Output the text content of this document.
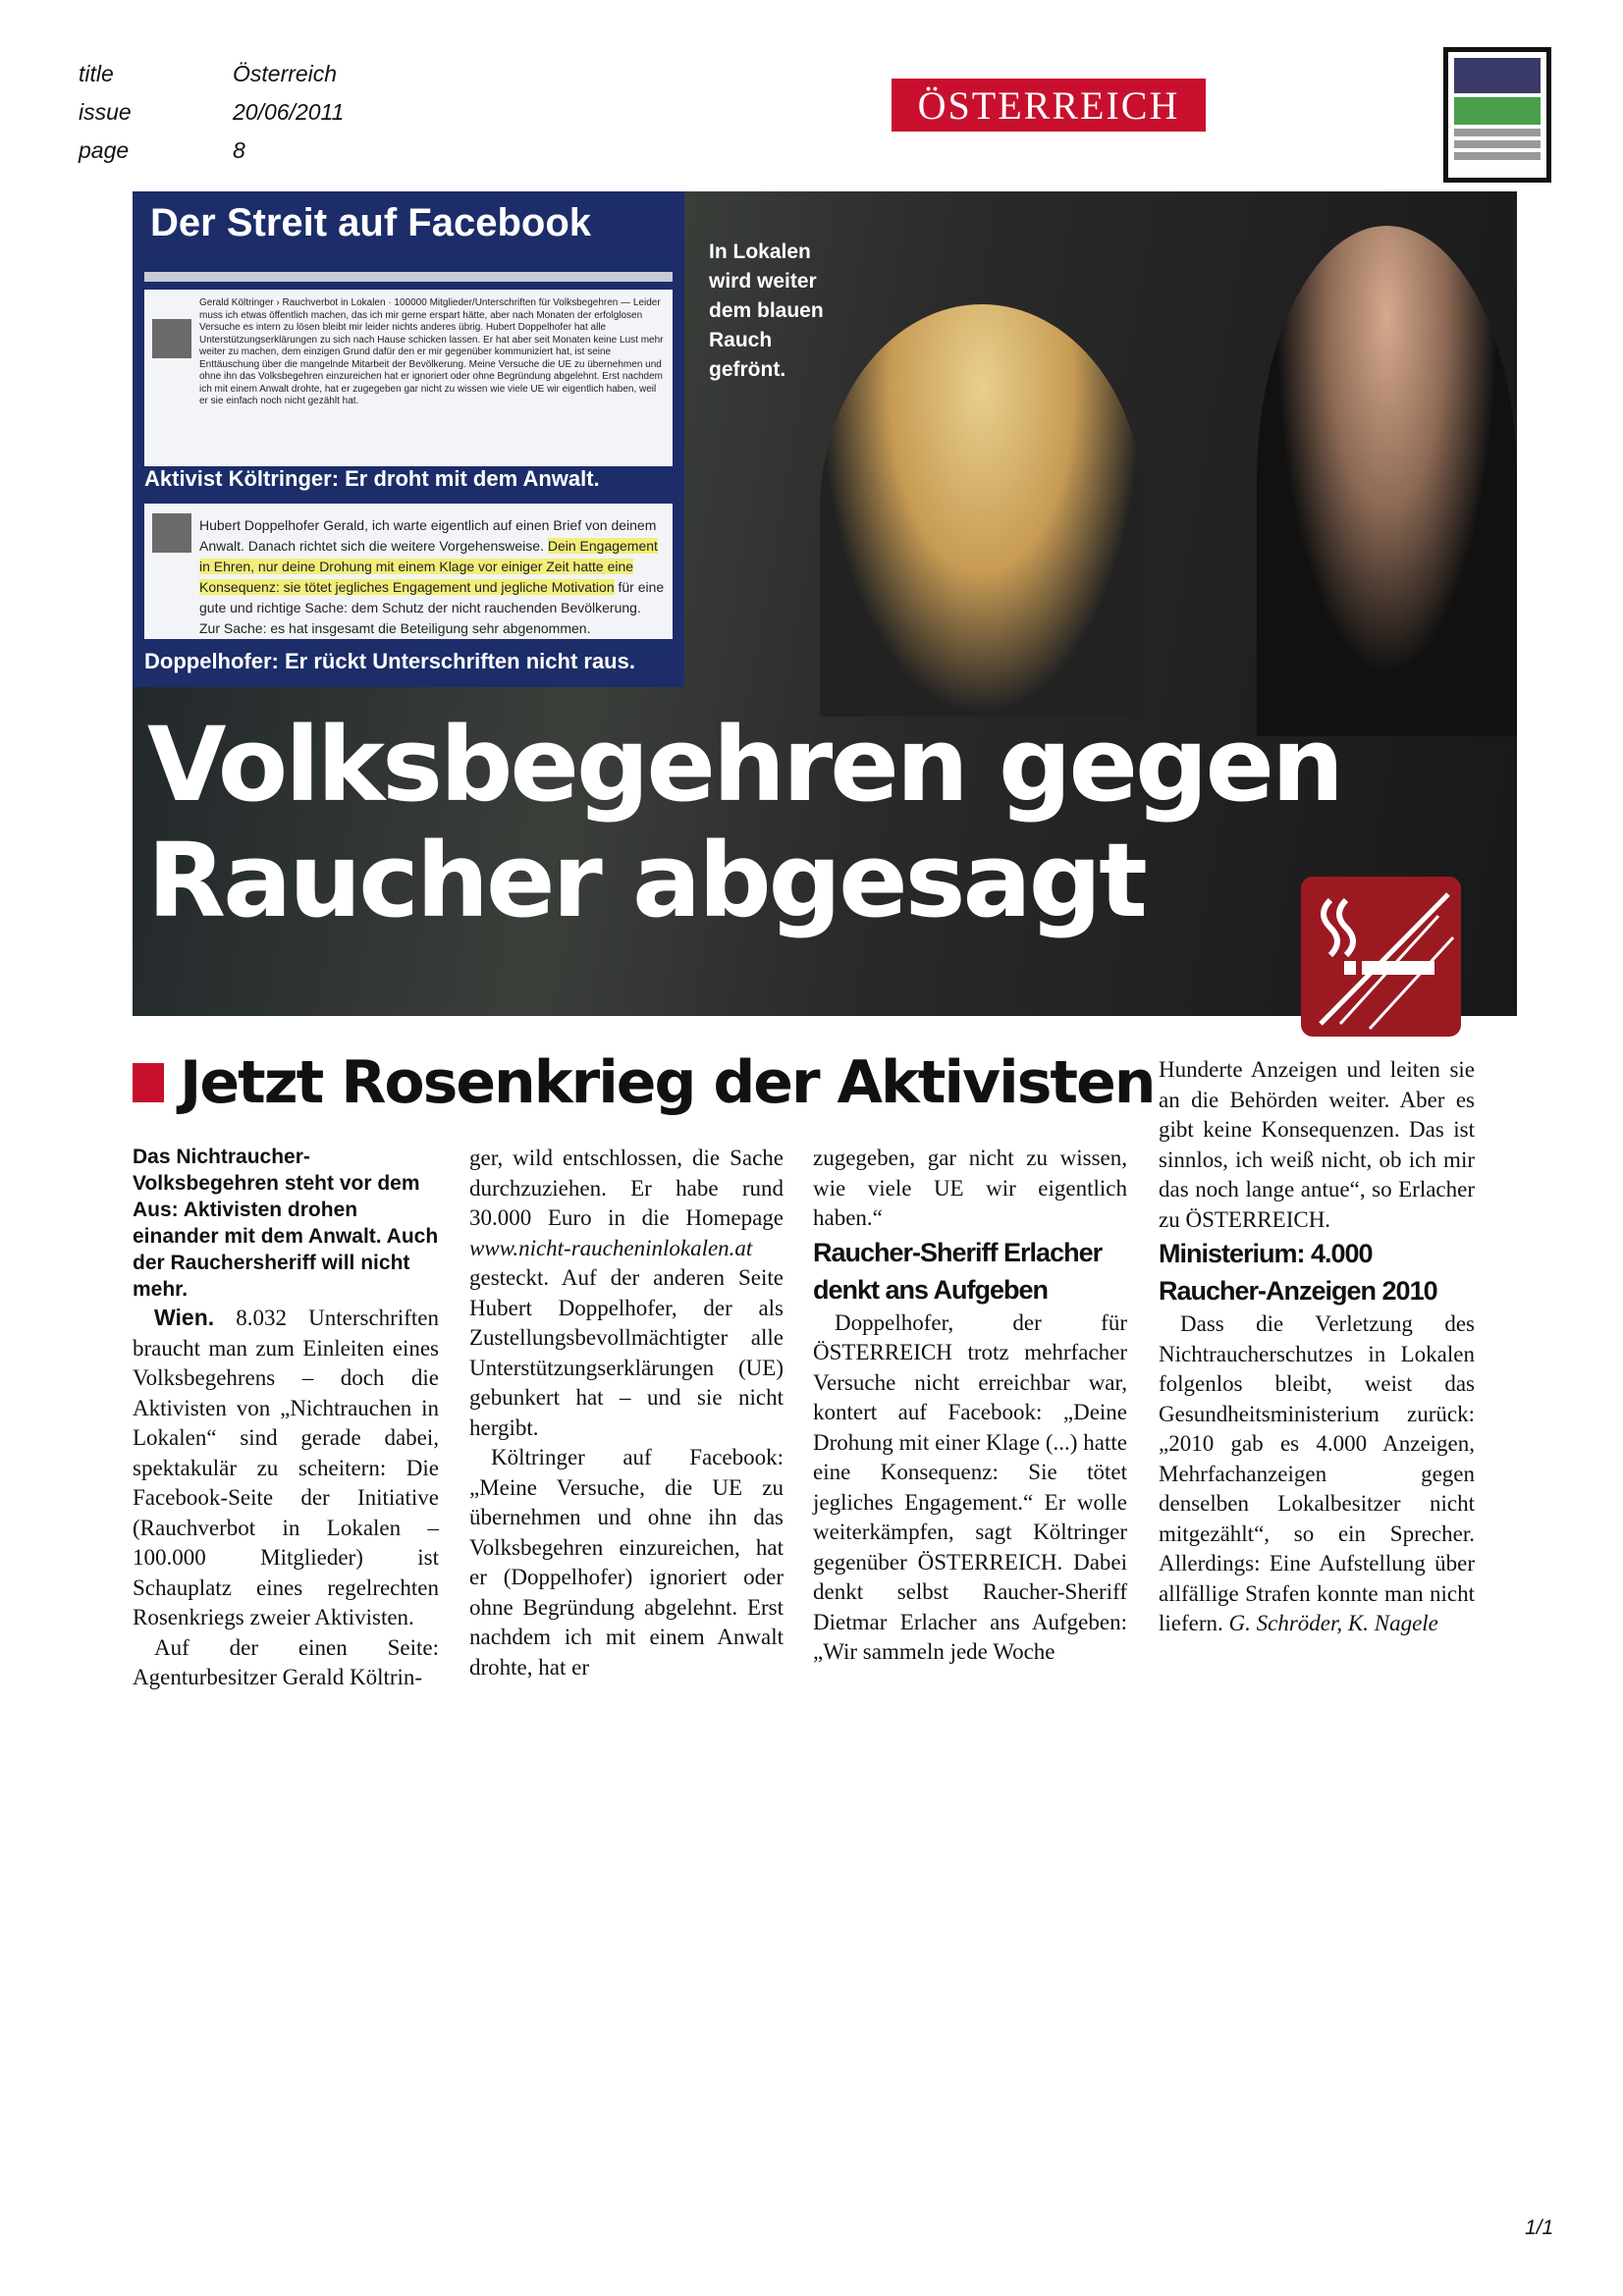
title	Österreich
issue	20/06/2011
page	8
ÖSTERREICH
Der Streit auf Facebook
Gerald Költringer › Rauchverbot in Lokalen · 100000 Mitglieder/Unterschriften für Volksbegehren — Leider muss ich etwas öffentlich machen, das ich mir gerne erspart hätte, aber nach Monaten der erfolglosen Versuche es intern zu lösen bleibt mir leider nichts anderes übrig. Hubert Doppelhofer hat alle Unterstützungserklärungen zu sich nach Hause schicken lassen. Er hat aber seit Monaten keine Lust mehr weiter zu machen, dem einzigen Grund dafür den er mir gegenüber kommuniziert hat, ist seine Enttäuschung über die mangelnde Mitarbeit der Bevölkerung. Meine Versuche die UE zu übernehmen und ohne ihn das Volksbegehren einzureichen hat er ignoriert oder ohne Begründung abgelehnt. Erst nachdem ich mit einem Anwalt drohte, hat er zugegeben gar nicht zu wissen wie viele UE wir eigentlich haben, weil er sie einfach noch nicht gezählt hat.
Aktivist Költringer: Er droht mit dem Anwalt.
Hubert Doppelhofer Gerald, ich warte eigentlich auf einen Brief von deinem Anwalt. Danach richtet sich die weitere Vorgehensweise. Dein Engagement in Ehren, nur deine Drohung mit einem Klage vor einiger Zeit hatte eine Konsequenz: sie tötet jegliches Engagement und jegliche Motivation für eine gute und richtige Sache: dem Schutz der nicht rauchenden Bevölkerung. Zur Sache: es hat insgesamt die Beteiligung sehr abgenommen.
Doppelhofer: Er rückt Unterschriften nicht raus.
In Lokalen wird weiter dem blauen Rauch gefrönt.
Volksbegehren gegen
Raucher abgesagt
Jetzt Rosenkrieg der Aktivisten

Das Nichtraucher-Volksbegehren steht vor dem Aus: Aktivisten drohen einander mit dem Anwalt. Auch der Rauchersheriff will nicht mehr.

Wien. 8.032 Unterschriften braucht man zum Einleiten eines Volksbegehrens – doch die Aktivisten von „Nichtrauchen in Lokalen“ sind gerade dabei, spektakulär zu scheitern: Die Facebook-Seite der Initiative (Rauchverbot in Lokalen – 100.000 Mitglieder) ist Schauplatz eines regelrechten Rosenkriegs zweier Aktivisten.

Auf der einen Seite: Agenturbesitzer Gerald Költrin-

ger, wild entschlossen, die Sache durchzuziehen. Er habe rund 30.000 Euro in die Homepage www.nicht-raucheninlokalen.at gesteckt. Auf der anderen Seite Hubert Doppelhofer, der als Zustellungsbevollmächtigter alle Unterstützungserklärungen (UE) gebunkert hat – und sie nicht hergibt.

Költringer auf Facebook: „Meine Versuche, die UE zu übernehmen und ohne ihn das Volksbegehren einzureichen, hat er (Doppelhofer) ignoriert oder ohne Begründung abgelehnt. Erst nachdem ich mit einem Anwalt drohte, hat er

zugegeben, gar nicht zu wissen, wie viele UE wir eigentlich haben.“

Raucher-Sheriff Erlacher denkt ans Aufgeben

Doppelhofer, der für ÖSTERREICH trotz mehrfacher Versuche nicht erreichbar war, kontert auf Facebook: „Deine Drohung mit einer Klage (...) hatte eine Konsequenz: Sie tötet jegliches Engagement.“ Er wolle weiterkämpfen, sagt Költringer gegenüber ÖSTERREICH. Dabei denkt selbst Raucher-Sheriff Dietmar Erlacher ans Aufgeben: „Wir sammeln jede Woche

Hunderte Anzeigen und leiten sie an die Behörden weiter. Aber es gibt keine Konsequenzen. Das ist sinnlos, ich weiß nicht, ob ich mir das noch lange antue“, so Erlacher zu ÖSTERREICH.

Ministerium: 4.000 Raucher-Anzeigen 2010

Dass die Verletzung des Nichtraucherschutzes in Lokalen folgenlos bleibt, weist das Gesundheitsministerium zurück: „2010 gab es 4.000 Anzeigen, Mehrfachanzeigen gegen denselben Lokalbesitzer nicht mitgezählt“, so ein Sprecher. Allerdings: Eine Aufstellung über allfällige Strafen konnte man nicht liefern. G. Schröder, K. Nagele

1/1
